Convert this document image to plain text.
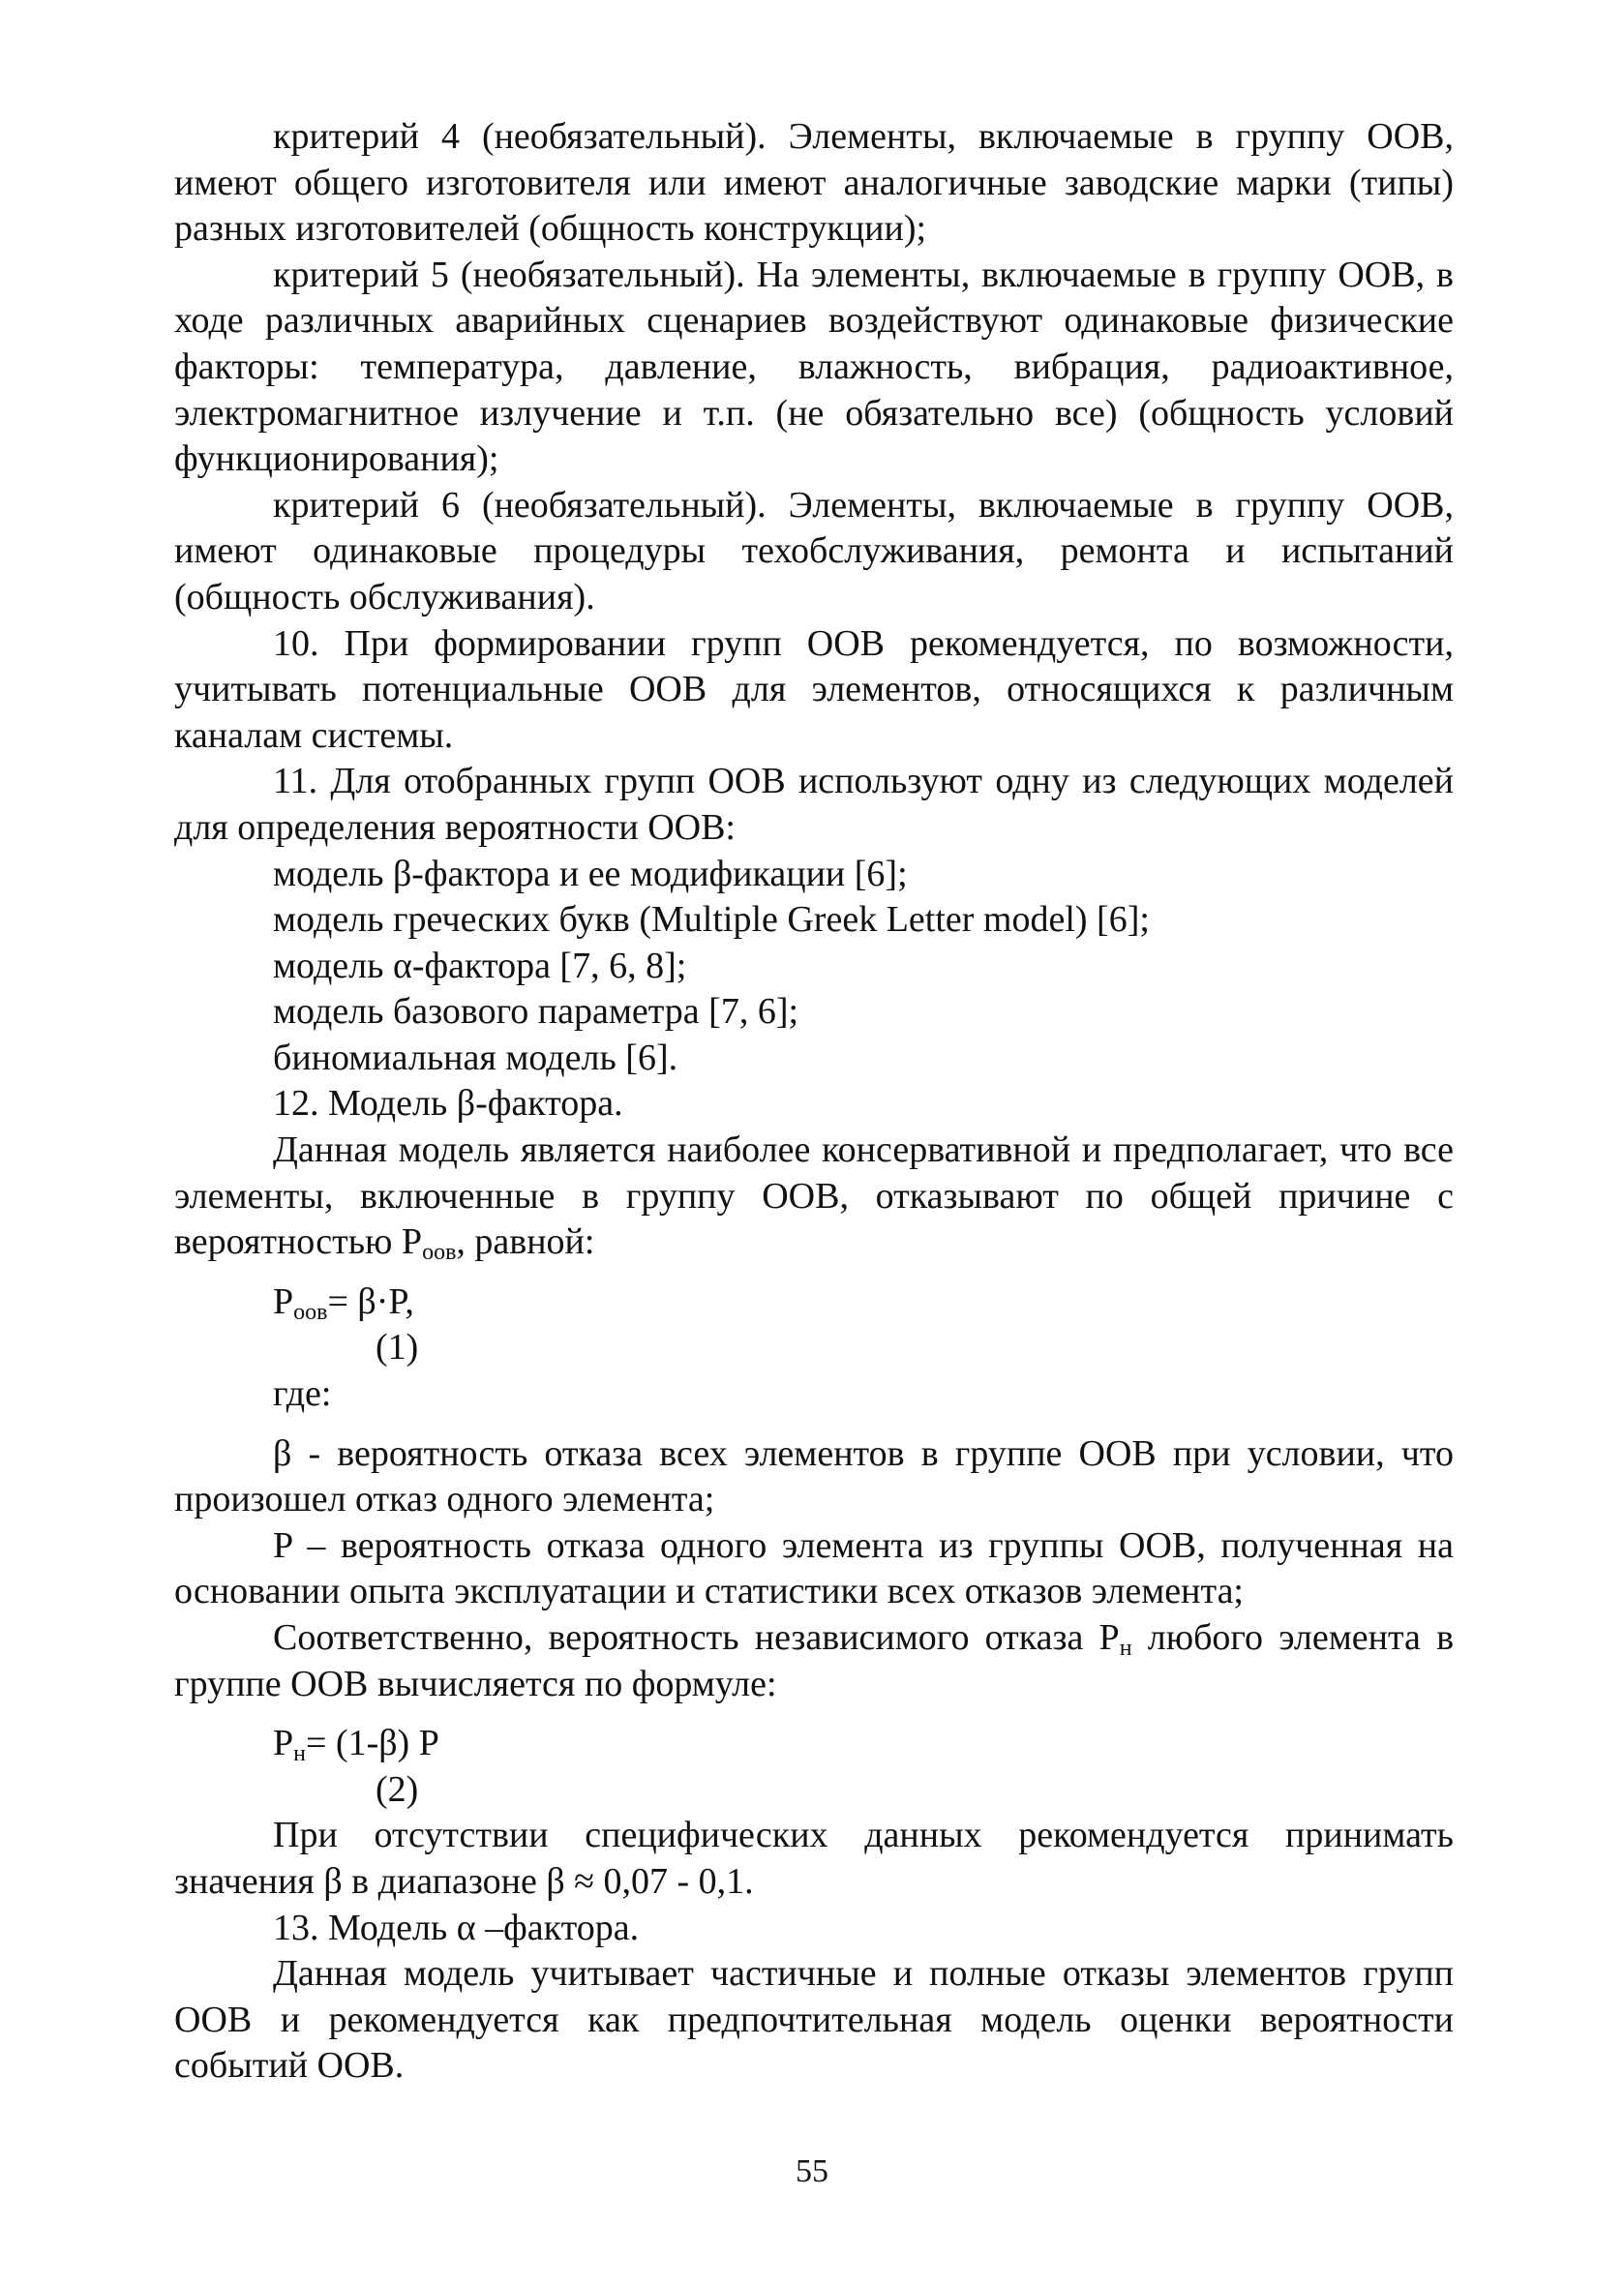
критерий 4 (необязательный). Элементы, включаемые в группу ООВ, имеют общего изготовителя или имеют аналогичные заводские марки (типы) разных изготовителей (общность конструкции);

критерий 5 (необязательный). На элементы, включаемые в группу ООВ, в ходе различных аварийных сценариев воздействуют одинаковые физические факторы: температура, давление, влажность, вибрация, радиоактивное, электромагнитное излучение и т.п. (не обязательно все) (общность условий функционирования);

критерий 6 (необязательный). Элементы, включаемые в группу ООВ, имеют одинаковые процедуры техобслуживания, ремонта и испытаний (общность обслуживания).

10. При формировании групп ООВ рекомендуется, по возможности, учитывать потенциальные ООВ для элементов, относящихся к различным каналам системы.

11. Для отобранных групп ООВ используют одну из следующих моделей для определения вероятности ООВ:

модель β-фактора и ее модификации [6];

модель греческих букв (Multiple Greek Letter model) [6];

модель α-фактора [7, 6, 8];

модель базового параметра [7, 6];

биномиальная модель [6].

12. Модель β-фактора.

Данная модель является наиболее консервативной и предполагает, что все элементы, включенные в группу ООВ, отказывают по общей причине с вероятностью $P_{оов}$, равной:

$P_{оов}= \beta\cdot P$,

(1)

где:

β - вероятность отказа всех элементов в группе ООВ при условии, что произошел отказ одного элемента;

P – вероятность отказа одного элемента из группы ООВ, полученная на основании опыта эксплуатации и статистики всех отказов элемента;

Соответственно, вероятность независимого отказа $P_н$ любого элемента в группе ООВ вычисляется по формуле:

$P_н= (1-\beta)$ P

(2)

При отсутствии специфических данных рекомендуется принимать значения β в диапазоне β ≈ 0,07 - 0,1.

13. Модель α –фактора.

Данная модель учитывает частичные и полные отказы элементов групп ООВ и рекомендуется как предпочтительная модель оценки вероятности событий ООВ.

55
